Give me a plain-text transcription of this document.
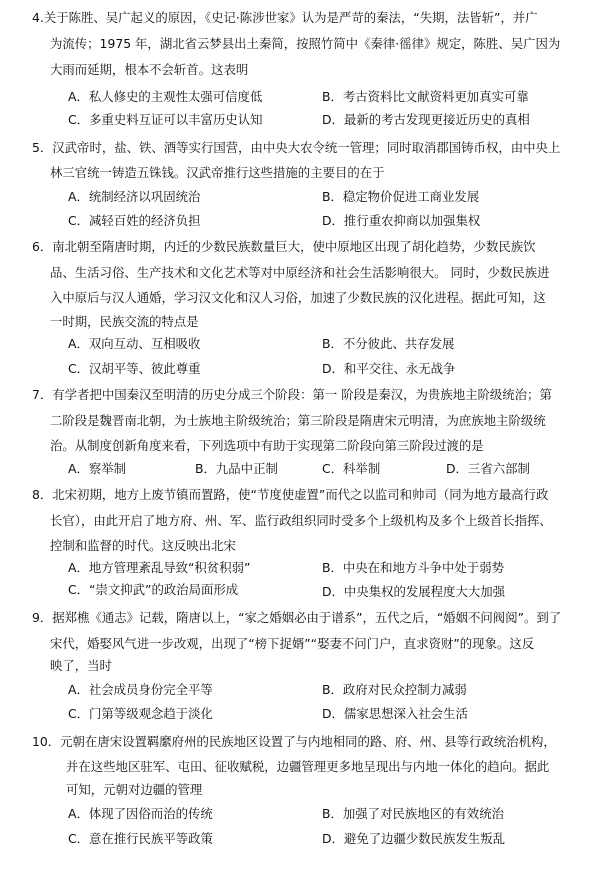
4.关于陈胜、吴广起义的原因，《史记·陈涉世家》认为是严苛的秦法，“失期，法皆斩”，并广
为流传；1975 年，湖北省云梦县出土秦简，按照竹简中《秦律·徭律》规定，陈胜、吴广因为
大雨而延期，根本不会斩首。这表明
A．私人修史的主观性太强可信度低	B．考古资料比文献资料更加真实可靠
C．多重史料互证可以丰富历史认知	D．最新的考古发现更接近历史的真相
5．汉武帝时，盐、铁、酒等实行国营，由中央大农令统一管理；同时取消郡国铸币权，由中央上
林三官统一铸造五铢钱。汉武帝推行这些措施的主要目的在于
A．统制经济以巩固统治	B．稳定物价促进工商业发展
C．减轻百姓的经济负担	D．推行重农抑商以加强集权
6．南北朝至隋唐时期，内迁的少数民族数量巨大，使中原地区出现了胡化趋势，少数民族饮
品、生活习俗、生产技术和文化艺术等对中原经济和社会生活影响很大。 同时，少数民族进
入中原后与汉人通婚，学习汉文化和汉人习俗，加速了少数民族的汉化进程。据此可知，这
一时期，民族交流的特点是
A．双向互动、互相吸收	B．不分彼此、共存发展
C．汉胡平等、彼此尊重	D．和平交往、永无战争
7．有学者把中国秦汉至明清的历史分成三个阶段：第一 阶段是秦汉，为贵族地主阶级统治；第
二阶段是魏晋南北朝，为士族地主阶级统治；第三阶段是隋唐宋元明清，为庶族地主阶级统
治。从制度创新角度来看，下列选项中有助于实现第二阶段向第三阶段过渡的是
A．察举制	B．九品中正制	C．科举制	D．三省六部制
8．北宋初期，地方上废节镇而置路，使“节度使虚置”而代之以监司和帅司（同为地方最高行政
长官），由此开启了地方府、州、军、监行政组织同时受多个上级机构及多个上级首长指挥、
控制和监督的时代。这反映出北宋
A．地方管理紊乱导致“积贫积弱”	B．中央在和地方斗争中处于弱势
C．“崇文抑武”的政治局面形成	D．中央集权的发展程度大大加强
9．据郑樵《通志》记载，隋唐以上，“家之婚姻必由于谱系”，五代之后，“婚姻不问阀阅”。到了
宋代，婚娶风气进一步改观，出现了“榜下捉婿”“娶妻不问门户，直求资财”的现象。这反
映了，当时
A．社会成员身份完全平等	B．政府对民众控制力减弱
C．门第等级观念趋于淡化	D．儒家思想深入社会生活
10．元朝在唐宋设置羁縻府州的民族地区设置了与内地相同的路、府、州、县等行政统治机构，
并在这些地区驻军、屯田、征收赋税，边疆管理更多地呈现出与内地一体化的趋向。据此
可知，元朝对边疆的管理
A．体现了因俗而治的传统	B．加强了对民族地区的有效统治
C．意在推行民族平等政策	D．避免了边疆少数民族发生叛乱
